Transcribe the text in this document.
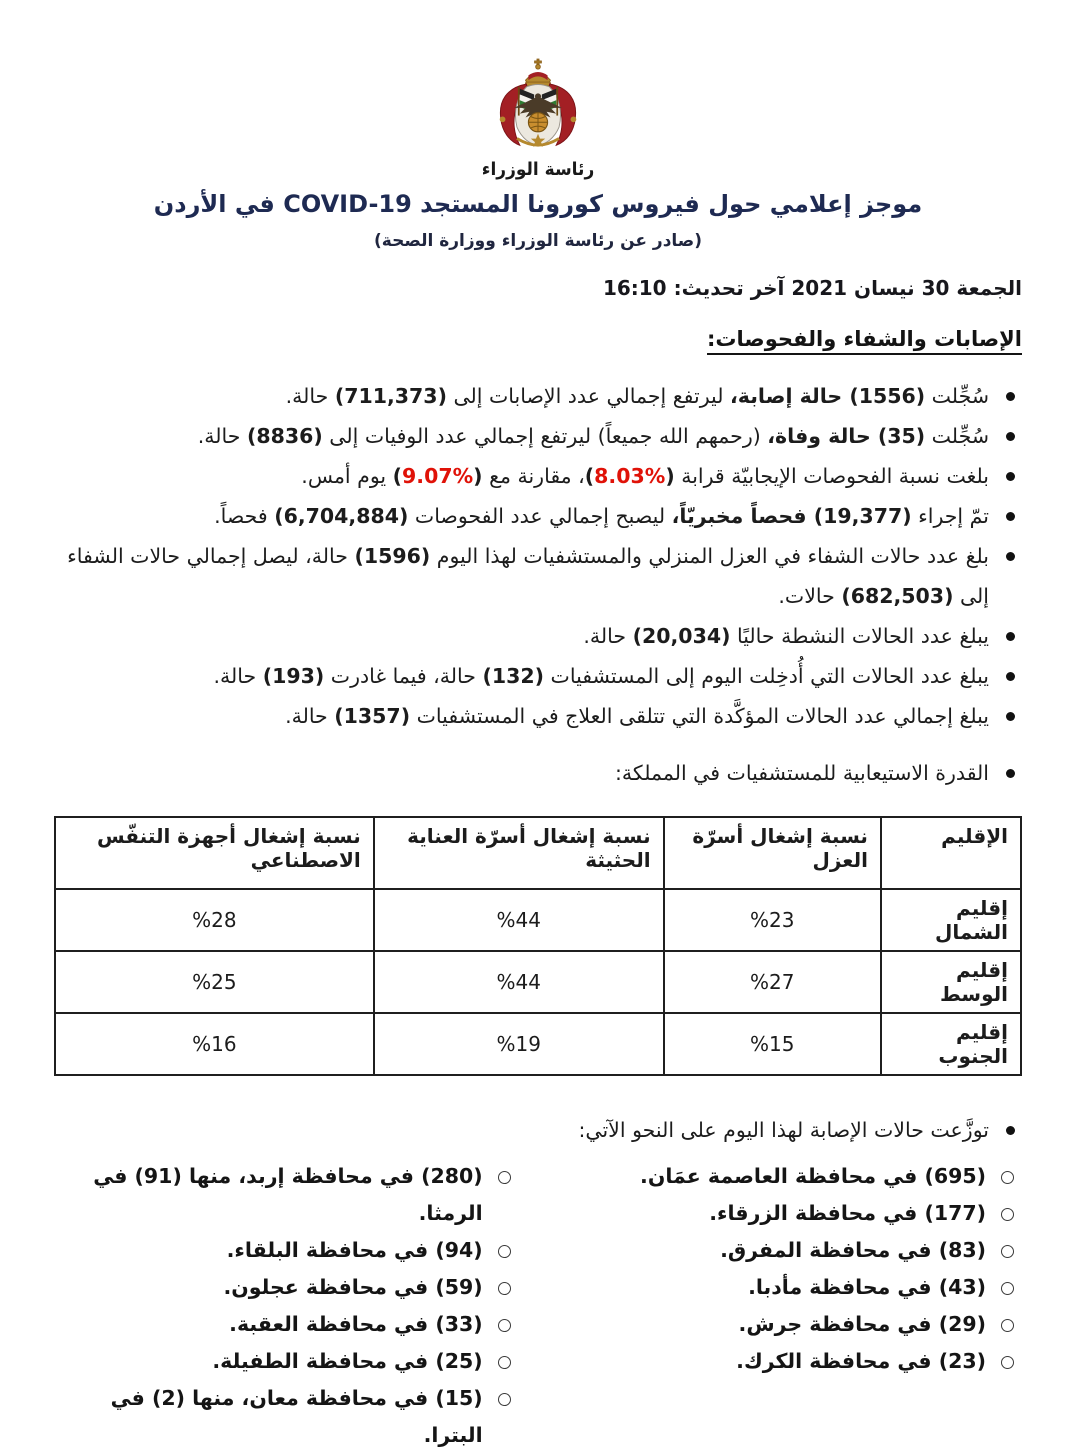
رئاسة الوزراء
موجز إعلامي حول فيروس كورونا المستجد COVID-19 في الأردن
(صادر عن رئاسة الوزراء ووزارة الصحة)
الجمعة 30 نيسان 2021 آخر تحديث: 16:10
الإصابات والشفاء والفحوصات:
سُجِّلت (1556) حالة إصابة، ليرتفع إجمالي عدد الإصابات إلى (711,373) حالة.
سُجِّلت (35) حالة وفاة، (رحمهم الله جميعاً) ليرتفع إجمالي عدد الوفيات إلى (8836) حالة.
بلغت نسبة الفحوصات الإيجابيّة قرابة (%8.03)، مقارنة مع (%9.07) يوم أمس.
تمّ إجراء (19,377) فحصاً مخبريّاً، ليصبح إجمالي عدد الفحوصات (6,704,884) فحصاً.
بلغ عدد حالات الشفاء في العزل المنزلي والمستشفيات لهذا اليوم (1596) حالة، ليصل إجمالي حالات الشفاء إلى (682,503) حالات.
يبلغ عدد الحالات النشطة حاليًا (20,034) حالة.
يبلغ عدد الحالات التي أُدخِلت اليوم إلى المستشفيات (132) حالة، فيما غادرت (193) حالة.
يبلغ إجمالي عدد الحالات المؤكَّدة التي تتلقى العلاج في المستشفيات (1357) حالة.
القدرة الاستيعابية للمستشفيات في المملكة:
الإقليم	نسبة إشغال أسرّة العزل	نسبة إشغال أسرّة العناية الحثيثة	نسبة إشغال أجهزة التنفّس الاصطناعي
إقليم الشمال	%23	%44	%28
إقليم الوسط	%27	%44	%25
إقليم الجنوب	%15	%19	%16
توزَّعت حالات الإصابة لهذا اليوم على النحو الآتي:
(695) في محافظة العاصمة عمَان.
(177) في محافظة الزرقاء.
(83) في محافظة المفرق.
(43) في محافظة مأدبا.
(29) في محافظة جرش.
(23) في محافظة الكرك.
(280) في محافظة إربد، منها (91) في الرمثا.
(94) في محافظة البلقاء.
(59) في محافظة عجلون.
(33) في محافظة العقبة.
(25) في محافظة الطفيلة.
(15) في محافظة معان، منها (2) في البترا.
